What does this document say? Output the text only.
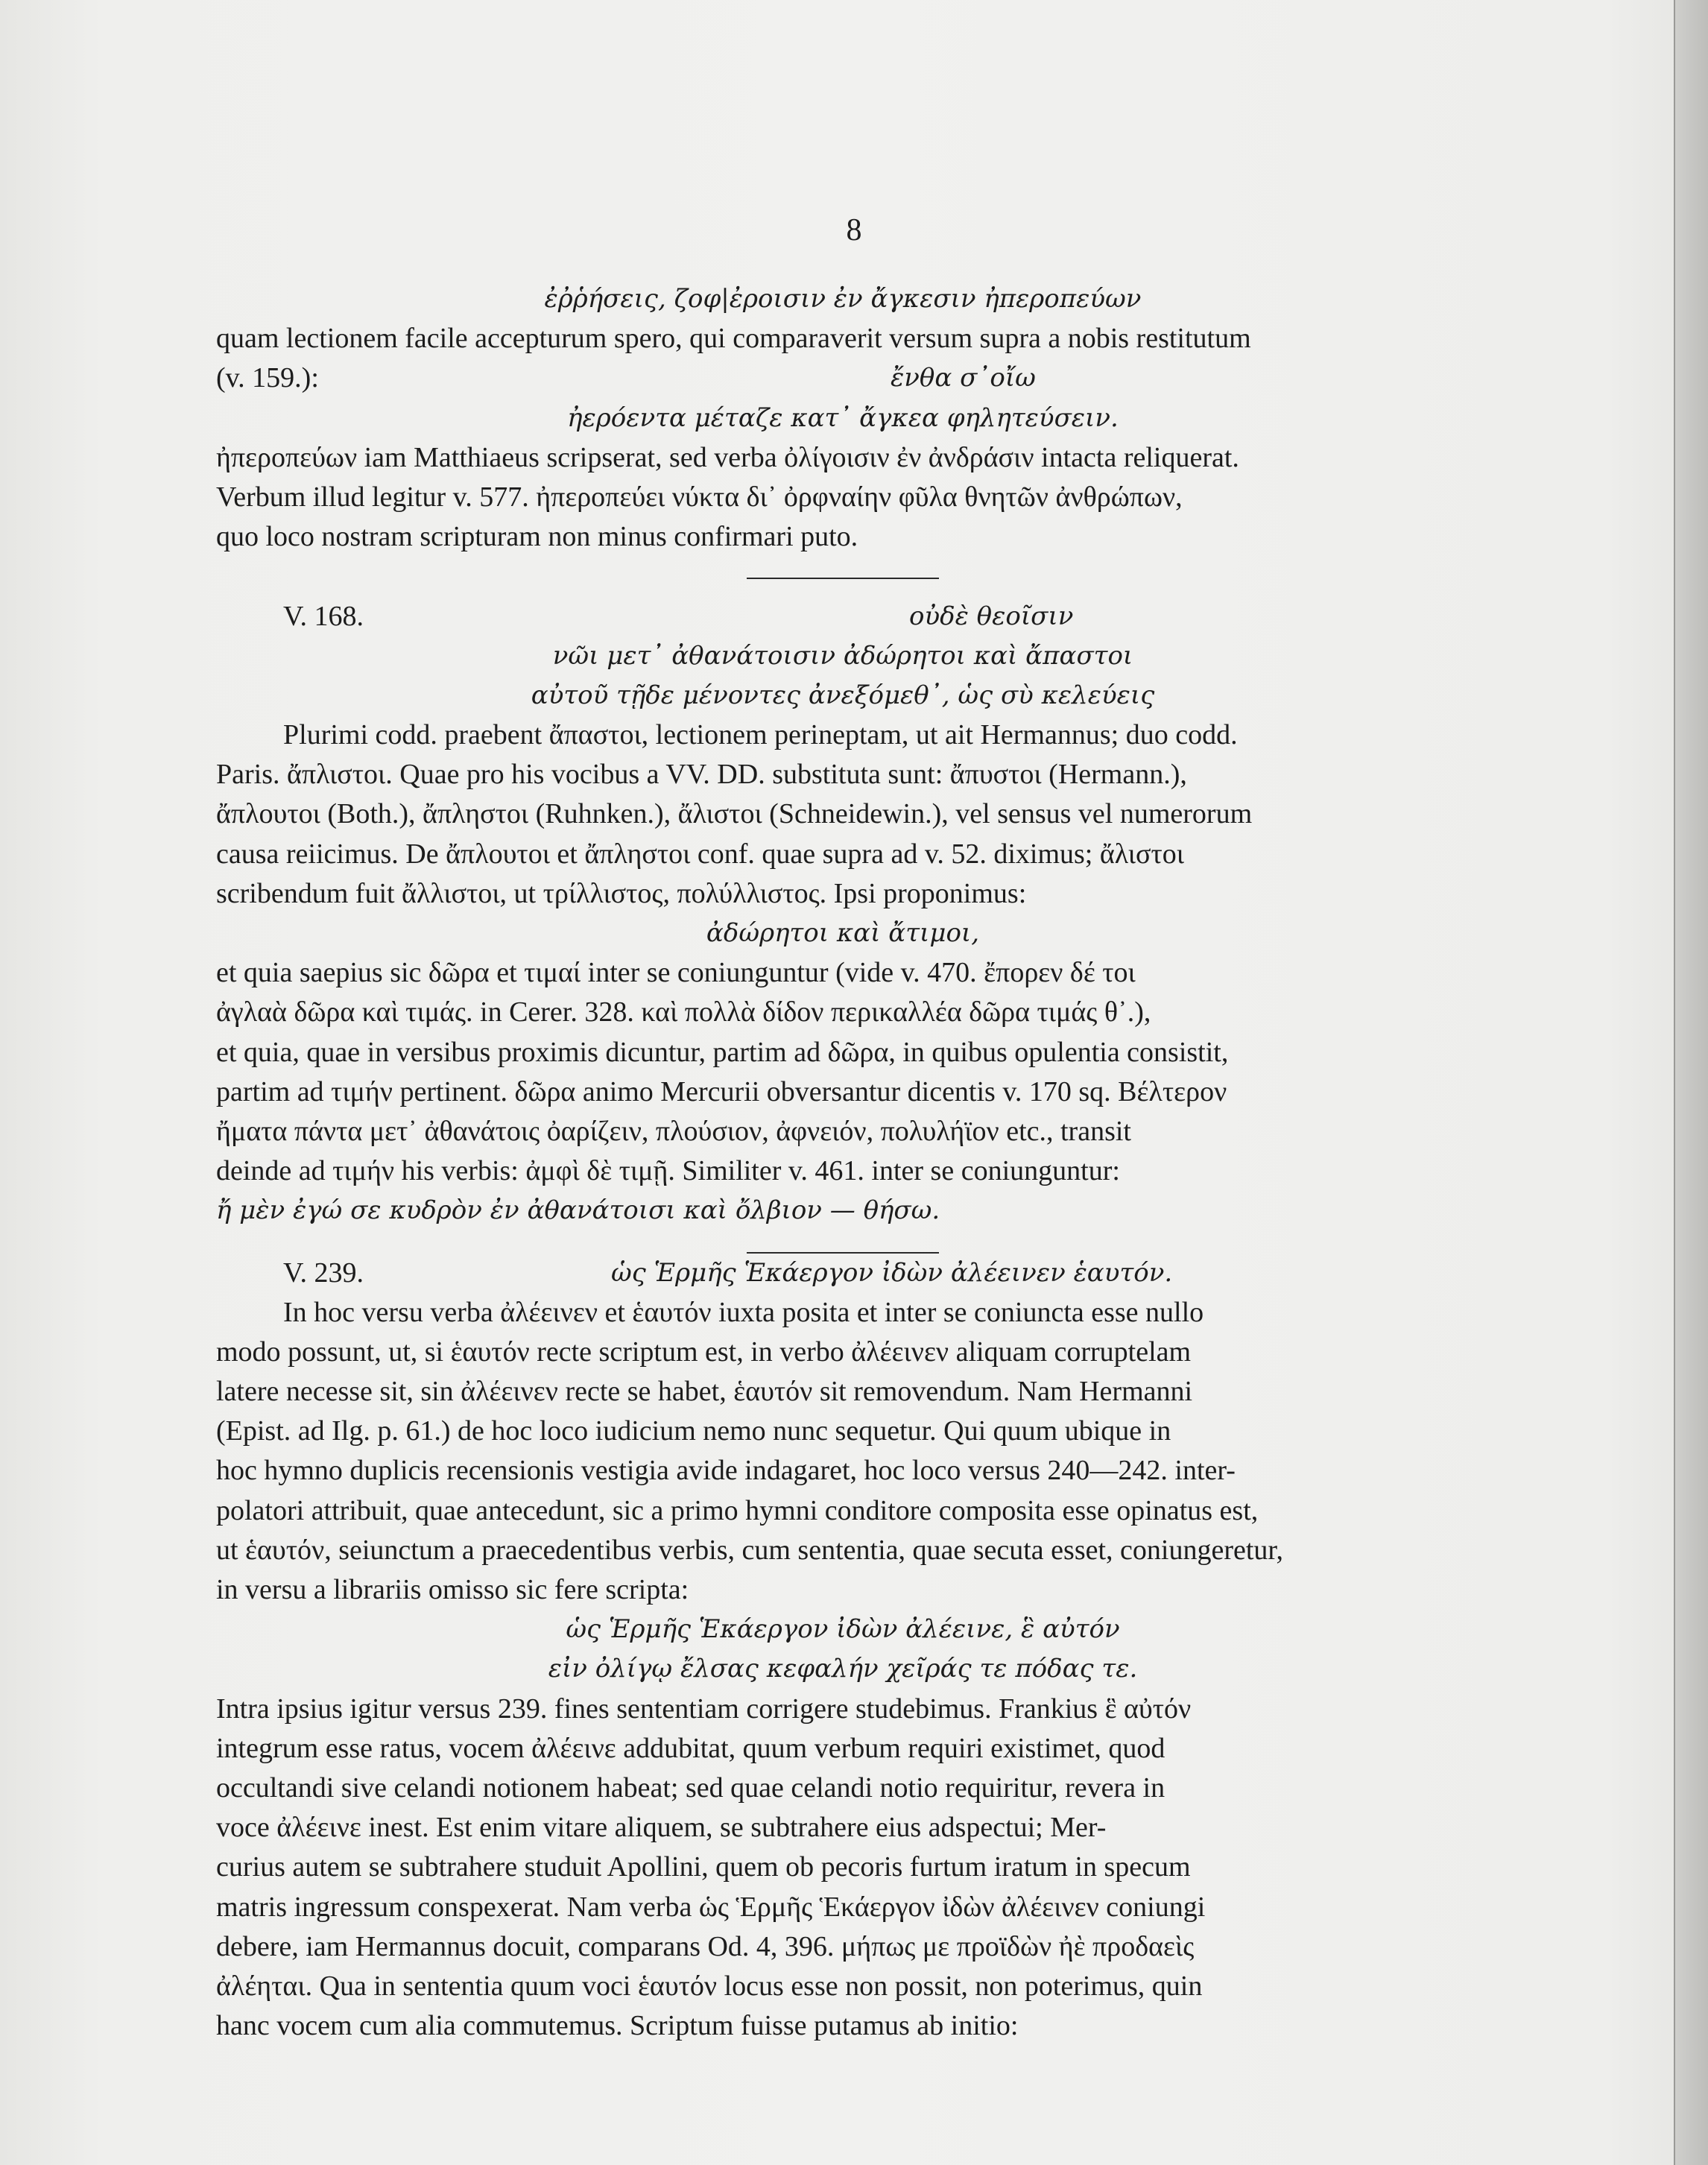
8
ἐῤῥήσεις, ζοφ|ἐροισιν ἐν ἄγκεσιν ἠπεροπεύων
quam lectionem facile accepturum spero, qui comparaverit versum supra a nobis restitutum
(v. 159.):	ἔνθα σ᾽οἴω
ἠερόεντα μέταζε κατ᾽ ἄγκεα φηλητεύσειν.
ἠπεροπεύων iam Matthiaeus scripserat, sed verba ὀλίγοισιν ἐν ἀνδράσιν intacta reliquerat.
Verbum illud legitur v. 577. ἠπεροπεύει νύκτα δι᾽ ὀρφναίην φῦλα θνητῶν ἀνθρώπων,
quo loco nostram scripturam non minus confirmari puto.
V. 168.	οὐδὲ θεοῖσιν
νῶι μετ᾽ ἀθανάτοισιν ἀδώρητοι καὶ ἄπαστοι
αὐτοῦ τῇδε μένοντες ἀνεξόμεθ᾽, ὡς σὺ κελεύεις
Plurimi codd. praebent ἄπαστοι, lectionem perineptam, ut ait Hermannus; duo codd.
Paris. ἄπλιστοι. Quae pro his vocibus a VV. DD. substituta sunt: ἄπυστοι (Hermann.),
ἄπλουτοι (Both.), ἄπληστοι (Ruhnken.), ἄλιστοι (Schneidewin.), vel sensus vel numerorum
causa reiicimus. De ἄπλουτοι et ἄπληστοι conf. quae supra ad v. 52. diximus; ἄλιστοι
scribendum fuit ἄλλιστοι, ut τρίλλιστος, πολύλλιστος. Ipsi proponimus:
ἀδώρητοι καὶ ἄτιμοι,
et quia saepius sic δῶρα et τιμαί inter se coniunguntur (vide v. 470. ἔπορεν δέ τοι
ἀγλαὰ δῶρα καὶ τιμάς. in Cerer. 328. καὶ πολλὰ δίδον περικαλλέα δῶρα τιμάς θ᾽.),
et quia, quae in versibus proximis dicuntur, partim ad δῶρα, in quibus opulentia consistit,
partim ad τιμήν pertinent. δῶρα animo Mercurii obversantur dicentis v. 170 sq. Βέλτερον
ἤματα πάντα μετ᾽ ἀθανάτοις ὀαρίζειν, πλούσιον, ἀφνειόν, πολυλήϊον etc., transit
deinde ad τιμήν his verbis: ἀμφὶ δὲ τιμῇ. Similiter v. 461. inter se coniunguntur:
ἤ μὲν ἐγώ σε κυδρὸν ἐν ἀθανάτοισι καὶ ὄλβιον — θήσω.
V. 239.	ὡς Ἑρμῆς Ἑκάεργον ἰδὼν ἀλέεινεν ἑαυτόν.
In hoc versu verba ἀλέεινεν et ἑαυτόν iuxta posita et inter se coniuncta esse nullo
modo possunt, ut, si ἑαυτόν recte scriptum est, in verbo ἀλέεινεν aliquam corruptelam
latere necesse sit, sin ἀλέεινεν recte se habet, ἑαυτόν sit removendum. Nam Hermanni
(Epist. ad Ilg. p. 61.) de hoc loco iudicium nemo nunc sequetur. Qui quum ubique in
hoc hymno duplicis recensionis vestigia avide indagaret, hoc loco versus 240—242. inter-
polatori attribuit, quae antecedunt, sic a primo hymni conditore composita esse opinatus est,
ut ἑαυτόν, seiunctum a praecedentibus verbis, cum sententia, quae secuta esset, coniungeretur,
in versu a librariis omisso sic fere scripta:
ὡς Ἑρμῆς Ἑκάεργον ἰδὼν ἀλέεινε, ἓ αὐτόν
εἰν ὀλίγῳ ἔλσας κεφαλήν χεῖράς τε πόδας τε.
Intra ipsius igitur versus 239. fines sententiam corrigere studebimus. Frankius ἓ αὐτόν
integrum esse ratus, vocem ἀλέεινε addubitat, quum verbum requiri existimet, quod
occultandi sive celandi notionem habeat; sed quae celandi notio requiritur, revera in
voce ἀλέεινε inest. Est enim vitare aliquem, se subtrahere eius adspectui; Mer-
curius autem se subtrahere studuit Apollini, quem ob pecoris furtum iratum in specum
matris ingressum conspexerat. Nam verba ὡς Ἑρμῆς Ἑκάεργον ἰδὼν ἀλέεινεν coniungi
debere, iam Hermannus docuit, comparans Od. 4, 396. μήπως με προϊδὼν ἠὲ προδαεὶς
ἀλέηται. Qua in sententia quum voci ἑαυτόν locus esse non possit, non poterimus, quin
hanc vocem cum alia commutemus. Scriptum fuisse putamus ab initio:
